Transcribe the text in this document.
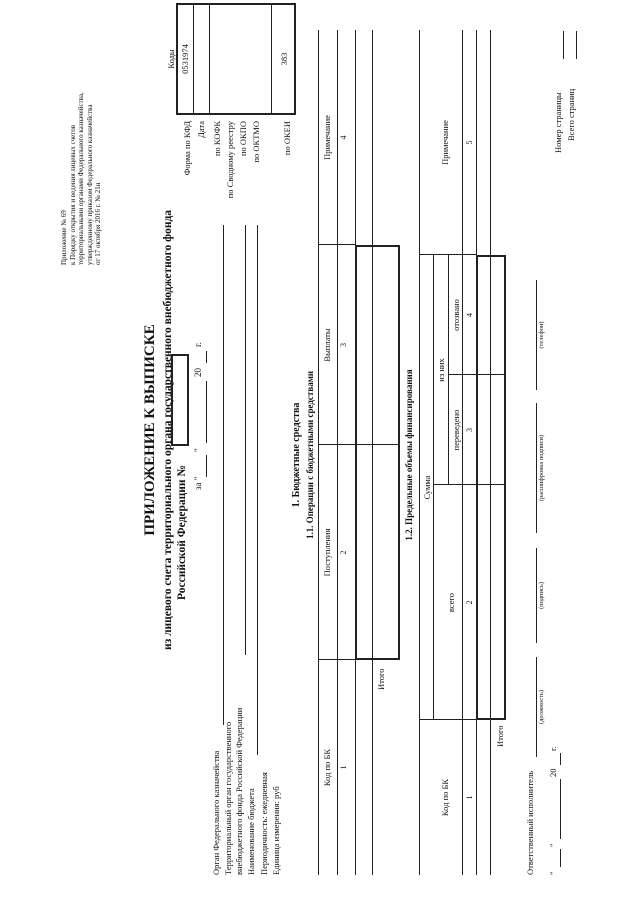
Приложение № 69 к Порядку открытия и ведения лицевых счетов территориальными органами Федерального казначейства, утвержденному приказом Федерального казначейства от 17 октября 2016 г. № 21н
ПРИЛОЖЕНИЕ К ВЫПИСКЕ из лицевого счета территориального органа государственного внебюджетного фонда Российской Федерации № за "
"
20
г.
Коды 0531974	383
Форма по КФД Дата по КОФК по Сводному реестру по ОКПО по ОКТМО по ОКЕИ
Орган Федерального казначейства Территориальный орган государственного внебюджетного фонда Российской Федерации Наименование бюджета Периодичность: ежедневная Единица измерения: руб
1. Бюджетные средства 1.1. Операции с бюджетными средствами
Код по БК
Поступления
Выплаты
Примечание
1
2
3
4
Итого
1.2. Предельные объемы финансирования
Код по БК
Сумма
всего
из них
переведено
отозвано
Примечание
1
2
3
4
5
Итого
Ответственный исполнитель
(должность)
(подпись)
(расшифровка подписи)
(телефон)
"
"
20
г.
Номер страницы Всего страниц
